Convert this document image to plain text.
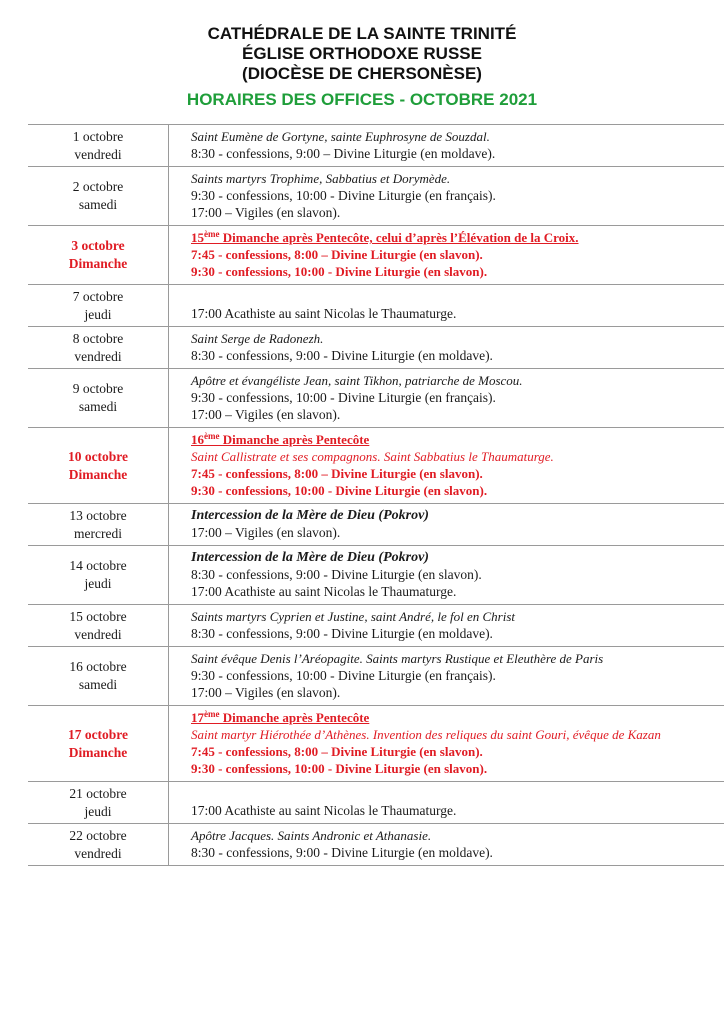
CATHÉDRALE DE LA SAINTE TRINITÉ
ÉGLISE ORTHODOXE RUSSE
(DIOCÈSE DE CHERSONÈSE)
HORAIRES DES OFFICES - OCTOBRE 2021
1 octobre
vendredi
Saint Eumène de Gortyne, sainte Euphrosyne de Souzdal.
8:30 - confessions, 9:00 – Divine Liturgie (en moldave).
2 octobre
samedi
Saints martyrs Trophime, Sabbatius et Dorymède.
9:30 - confessions, 10:00 - Divine Liturgie (en français).
17:00 – Vigiles (en slavon).
3 octobre
Dimanche
15ème Dimanche après Pentecôte, celui d’après l’Élévation de la Croix.
7:45 - confessions, 8:00 – Divine Liturgie (en slavon).
9:30 - confessions, 10:00 - Divine Liturgie (en slavon).
7 octobre
jeudi	17:00 Acathiste au saint Nicolas le Thaumaturge.
8 octobre
vendredi
Saint Serge de Radonezh.
8:30 - confessions, 9:00 - Divine Liturgie (en moldave).
9 octobre
samedi
Apôtre et évangéliste Jean, saint Tikhon, patriarche de Moscou.
9:30 - confessions, 10:00 - Divine Liturgie (en français).
17:00 – Vigiles (en slavon).
10 octobre
Dimanche
16ème Dimanche après Pentecôte
Saint Callistrate et ses compagnons. Saint Sabbatius le Thaumaturge.
7:45 - confessions, 8:00 – Divine Liturgie (en slavon).
9:30 - confessions, 10:00 - Divine Liturgie (en slavon).
13 octobre
mercredi
Intercession de la Mère de Dieu (Pokrov)
17:00 – Vigiles (en slavon).
14 octobre
jeudi
Intercession de la Mère de Dieu (Pokrov)
8:30 - confessions, 9:00 - Divine Liturgie (en slavon).
17:00 Acathiste au saint Nicolas le Thaumaturge.
15 octobre
vendredi
Saints martyrs Cyprien et Justine, saint André, le fol en Christ
8:30 - confessions, 9:00 - Divine Liturgie (en moldave).
16 octobre
samedi
Saint évêque Denis l’Aréopagite. Saints martyrs Rustique et Eleuthère de Paris
9:30 - confessions, 10:00 - Divine Liturgie (en français).
17:00 – Vigiles (en slavon).
17 octobre
Dimanche
17ème Dimanche après Pentecôte
Saint martyr Hiérothée d’Athènes. Invention des reliques du saint Gouri, évêque de Kazan
7:45 - confessions, 8:00 – Divine Liturgie (en slavon).
9:30 - confessions, 10:00 - Divine Liturgie (en slavon).
21 octobre
jeudi	17:00 Acathiste au saint Nicolas le Thaumaturge.
22 octobre
vendredi
Apôtre Jacques. Saints Andronic et Athanasie.
8:30 - confessions, 9:00 - Divine Liturgie (en moldave).
